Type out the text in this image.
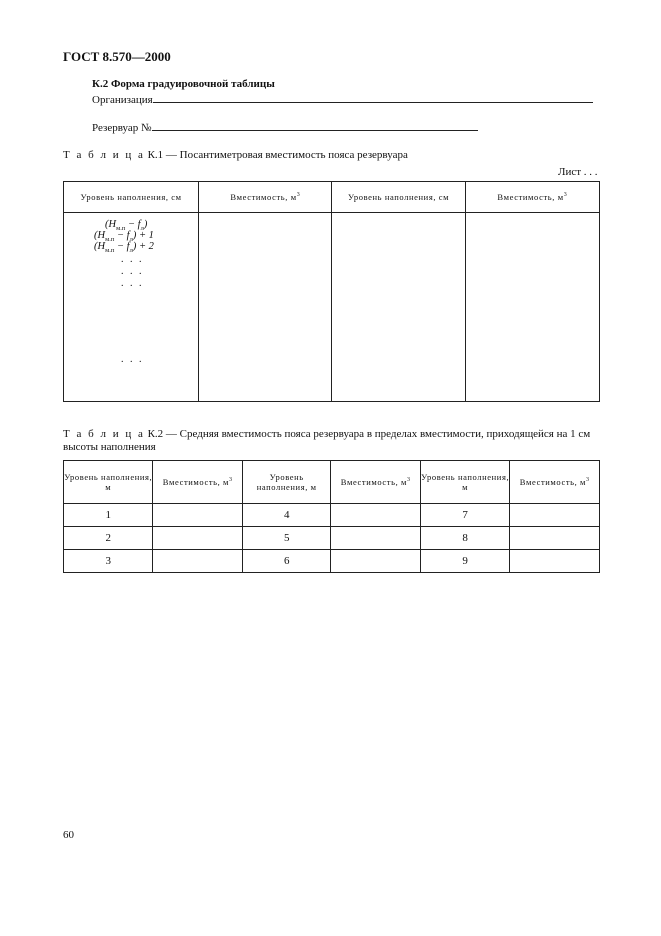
ГОСТ 8.570—2000
К.2 Форма градуировочной таблицы
Организация
Резервуар №
Т а б л и ц а К.1 — Посантиметровая вместимость пояса резервуара
Лист . . .
Уровень наполнения, см	Вместимость, $м^3$	Уровень наполнения, см	Вместимость, $м^3$

$(H_{м.п} - f_л)$
$(H_{м.п} - f_л) + 1$
$(H_{м.п} - f_л) + 2$
. . .
. . .
. . .
. . .
Т а б л и ц а К.2 — Средняя вместимость пояса резервуара в пределах вместимости, приходящейся на 1 см
высоты наполнения
Уровень наполнения, м	Вместимость, $м^3$	Уровень наполнения, м	Вместимость, $м^3$	Уровень наполнения, м	Вместимость, $м^3$
1		4		7	
2		5		8	
3		6		9	
60
